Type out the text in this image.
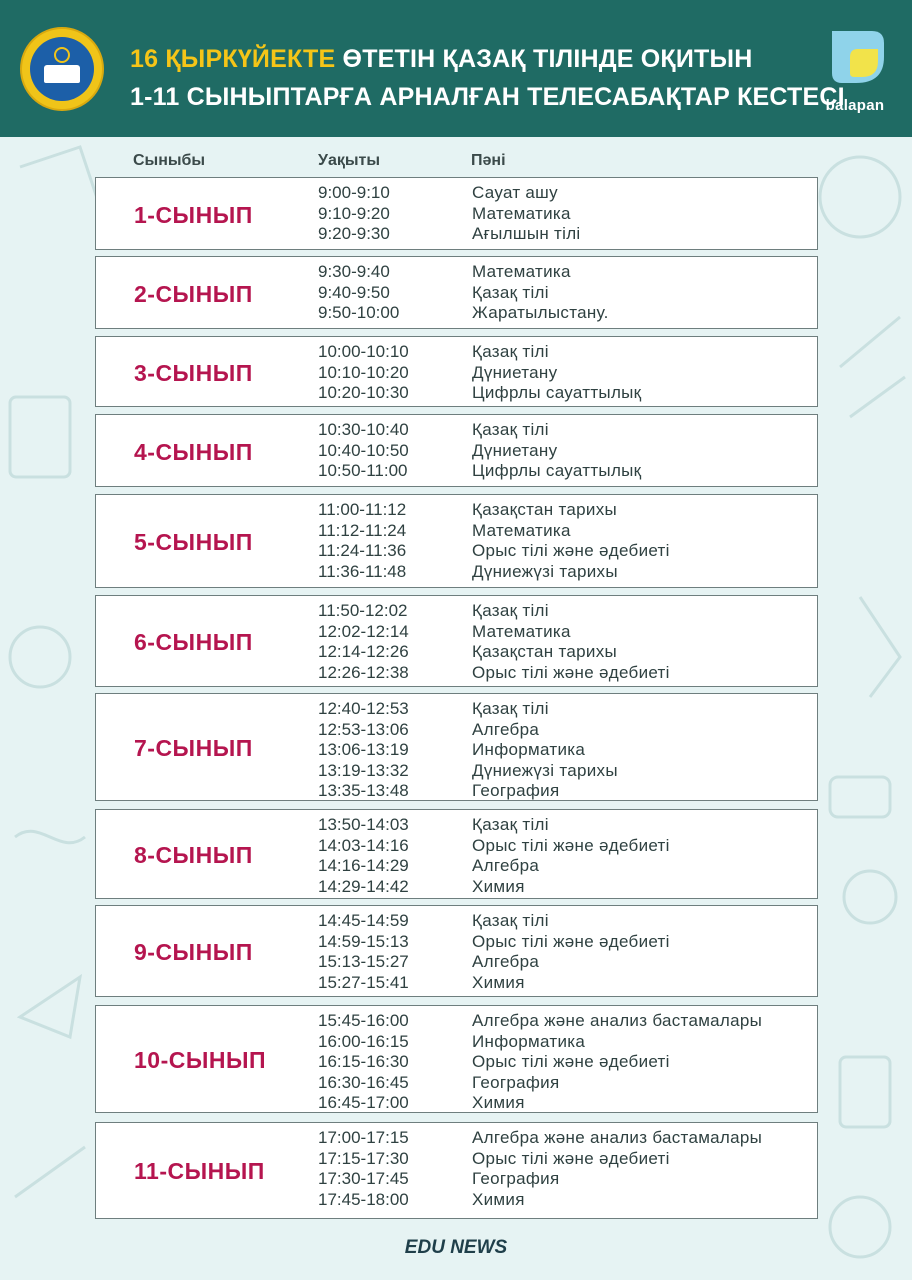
16 ҚЫРКҮЙЕКТЕ ӨТЕТІН ҚАЗАҚ ТІЛІНДЕ ОҚИТЫН
1-11 СЫНЫПТАРҒА АРНАЛҒАН ТЕЛЕСАБАҚТАР КЕСТЕСІ
balapan
Сыныбы	Уақыты	Пәні
1-СЫНЫП
9:00-9:10
9:10-9:20
9:20-9:30
Сауат ашу
Математика
Ағылшын тілі
2-СЫНЫП
9:30-9:40
9:40-9:50
9:50-10:00
Математика
Қазақ тілі
Жаратылыстану.
3-СЫНЫП
10:00-10:10
10:10-10:20
10:20-10:30
Қазақ тілі
Дүниетану
Цифрлы сауаттылық
4-СЫНЫП
10:30-10:40
10:40-10:50
10:50-11:00
Қазақ тілі
Дүниетану
Цифрлы сауаттылық
5-СЫНЫП
11:00-11:12
11:12-11:24
11:24-11:36
11:36-11:48
Қазақстан тарихы
Математика
Орыс тілі және әдебиеті
Дүниежүзі тарихы
6-СЫНЫП
11:50-12:02
12:02-12:14
12:14-12:26
12:26-12:38
Қазақ тілі
Математика
Қазақстан тарихы
Орыс тілі және әдебиеті
7-СЫНЫП
12:40-12:53
12:53-13:06
13:06-13:19
13:19-13:32
13:35-13:48
Қазақ тілі
Алгебра
Информатика
Дүниежүзі тарихы
География
8-СЫНЫП
13:50-14:03
14:03-14:16
14:16-14:29
14:29-14:42
Қазақ тілі
Орыс тілі және әдебиеті
Алгебра
Химия
9-СЫНЫП
14:45-14:59
14:59-15:13
15:13-15:27
15:27-15:41
Қазақ тілі
Орыс тілі және әдебиеті
Алгебра
Химия
10-СЫНЫП
15:45-16:00
16:00-16:15
16:15-16:30
16:30-16:45
16:45-17:00
Алгебра және анализ бастамалары
Информатика
Орыс тілі және әдебиеті
География
Химия
11-СЫНЫП
17:00-17:15
17:15-17:30
17:30-17:45
17:45-18:00
Алгебра және анализ бастамалары
Орыс тілі және әдебиеті
География
Химия
EDU NEWS
